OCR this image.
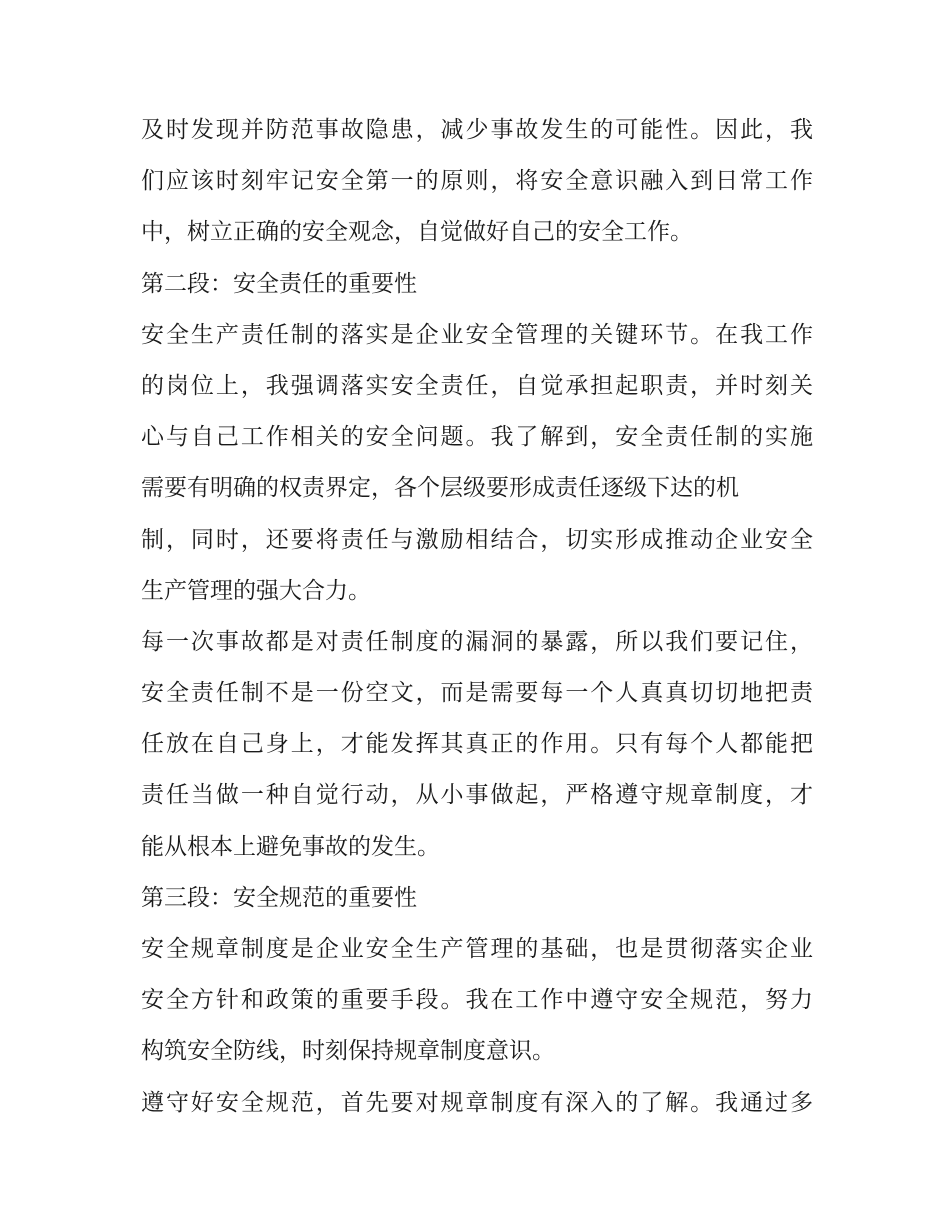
及时发现并防范事故隐患，减少事故发生的可能性。因此，我
们应该时刻牢记安全第一的原则，将安全意识融入到日常工作
中，树立正确的安全观念，自觉做好自己的安全工作。
第二段：安全责任的重要性
安全生产责任制的落实是企业安全管理的关键环节。在我工作
的岗位上，我强调落实安全责任，自觉承担起职责，并时刻关
心与自己工作相关的安全问题。我了解到，安全责任制的实施
需要有明确的权责界定，各个层级要形成责任逐级下达的机
制，同时，还要将责任与激励相结合，切实形成推动企业安全
生产管理的强大合力。
每一次事故都是对责任制度的漏洞的暴露，所以我们要记住，
安全责任制不是一份空文，而是需要每一个人真真切切地把责
任放在自己身上，才能发挥其真正的作用。只有每个人都能把
责任当做一种自觉行动，从小事做起，严格遵守规章制度，才
能从根本上避免事故的发生。
第三段：安全规范的重要性
安全规章制度是企业安全生产管理的基础，也是贯彻落实企业
安全方针和政策的重要手段。我在工作中遵守安全规范，努力
构筑安全防线，时刻保持规章制度意识。
遵守好安全规范，首先要对规章制度有深入的了解。我通过多
